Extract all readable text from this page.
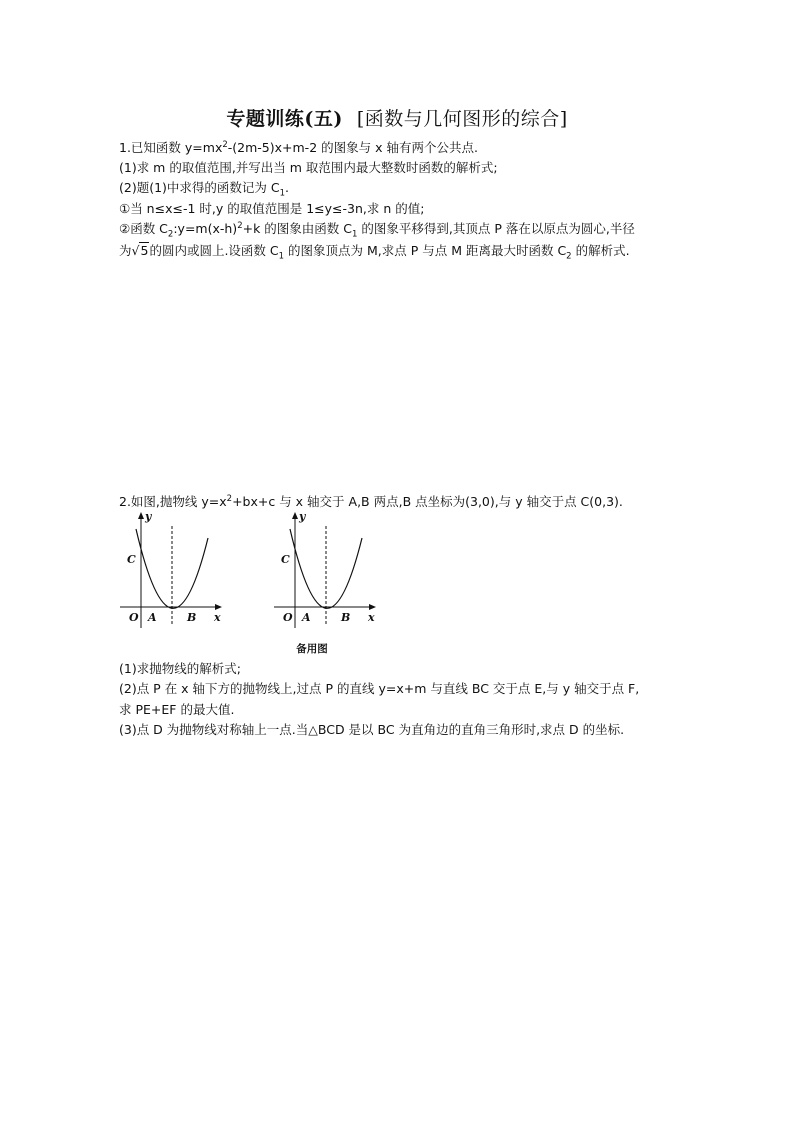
专题训练(五) [函数与几何图形的综合]
1.已知函数 $y=mx^2-(2m-5)x+m-2$ 的图象与 x 轴有两个公共点.
(1)求 m 的取值范围,并写出当 m 取范围内最大整数时函数的解析式;
(2)题(1)中求得的函数记为 $C_1$.
①当 n≤x≤-1 时,y 的取值范围是 1≤y≤-3n,求 n 的值;
②函数 $C_2:y=m(x-h)^2+k$ 的图象由函数 $C_1$ 的图象平移得到,其顶点 P 落在以原点为圆心,半径
为√5的圆内或圆上.设函数 $C_1$ 的图象顶点为 M,求点 P 与点 M 距离最大时函数 $C_2$ 的解析式.
2.如图,抛物线 $y=x^2+bx+c$ 与 x 轴交于 A,B 两点,B 点坐标为(3,0),与 y 轴交于点 C(0,3).
y
C
O A	B x
y
C
O A	B x
备用图
(1)求抛物线的解析式;
(2)点 P 在 x 轴下方的抛物线上,过点 P 的直线 y=x+m 与直线 BC 交于点 E,与 y 轴交于点 F,
求 PE+EF 的最大值.
(3)点 D 为抛物线对称轴上一点.当△BCD 是以 BC 为直角边的直角三角形时,求点 D 的坐标.
